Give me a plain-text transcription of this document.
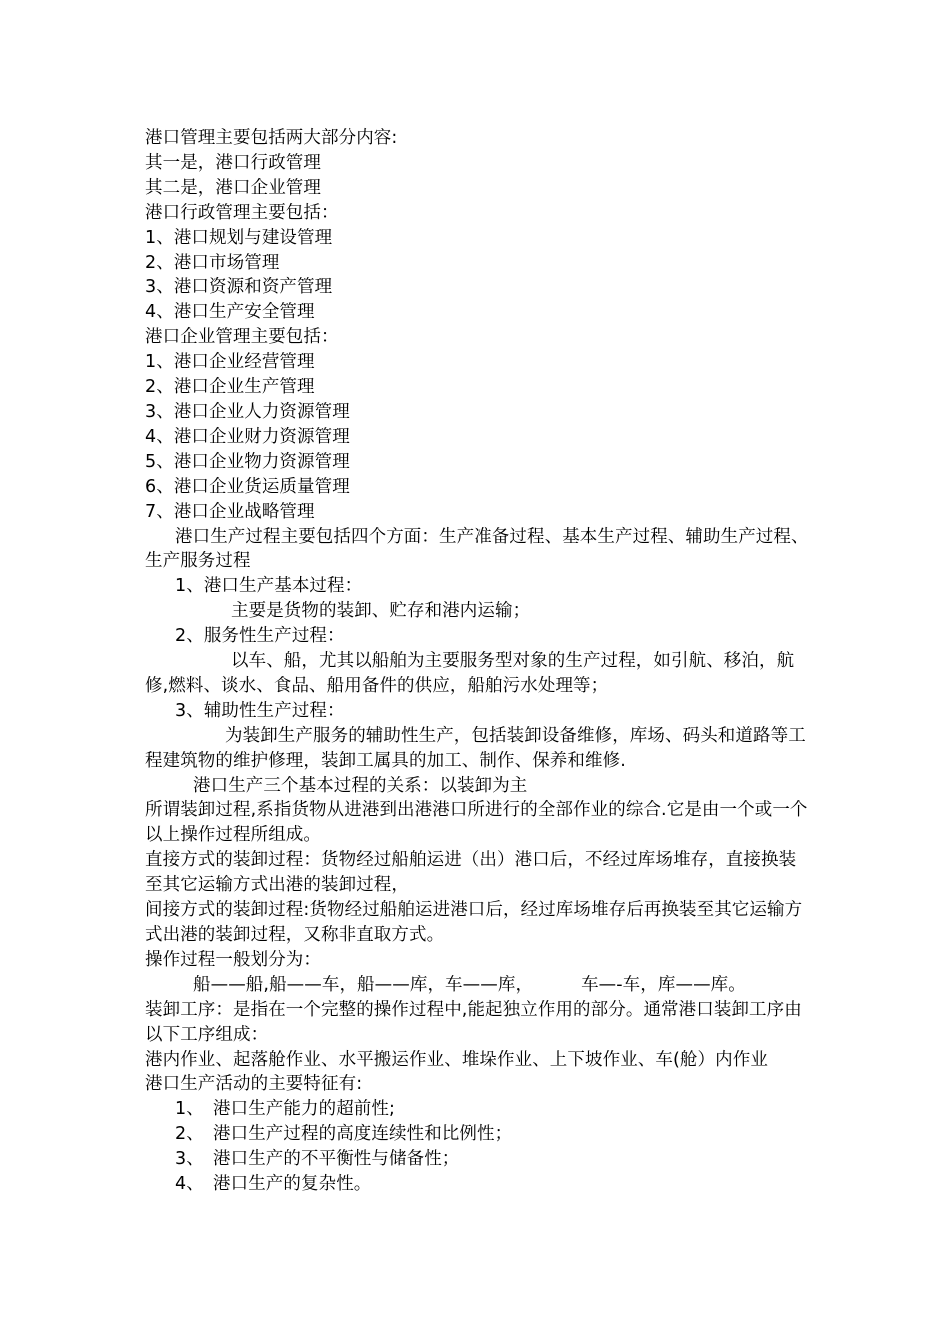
港口管理主要包括两大部分内容:

其一是，港口行政管理

其二是，港口企业管理

港口行政管理主要包括：

1、港口规划与建设管理

2、港口市场管理

3、港口资源和资产管理

4、港口生产安全管理

港口企业管理主要包括：

1、港口企业经营管理

2、港口企业生产管理

3、港口企业人力资源管理

4、港口企业财力资源管理

5、港口企业物力资源管理

6、港口企业货运质量管理

7、港口企业战略管理

港口生产过程主要包括四个方面：生产准备过程、基本生产过程、辅助生产过程、生产服务过程

1、港口生产基本过程：

主要是货物的装卸、贮存和港内运输；

2、服务性生产过程：

以车、船，尤其以船舶为主要服务型对象的生产过程，如引航、移泊，航修,燃料、谈水、食品、船用备件的供应，船舶污水处理等；

3、辅助性生产过程：

为装卸生产服务的辅助性生产，包括装卸设备维修，库场、码头和道路等工程建筑物的维护修理，装卸工属具的加工、制作、保养和维修.

港口生产三个基本过程的关系：以装卸为主

所谓装卸过程,系指货物从进港到出港港口所进行的全部作业的综合.它是由一个或一个以上操作过程所组成。

直接方式的装卸过程：货物经过船舶运进（出）港口后，不经过库场堆存，直接换装至其它运输方式出港的装卸过程，

间接方式的装卸过程:货物经过船舶运进港口后，经过库场堆存后再换装至其它运输方式出港的装卸过程，又称非直取方式。

操作过程一般划分为：

船——船,船——车，船——库，车——库，	车—-车，库——库。

装卸工序：是指在一个完整的操作过程中,能起独立作用的部分。通常港口装卸工序由以下工序组成：

港内作业、起落舱作业、水平搬运作业、堆垛作业、上下坡作业、车(舱）内作业

港口生产活动的主要特征有:

1、 港口生产能力的超前性;

2、 港口生产过程的高度连续性和比例性；

3、 港口生产的不平衡性与储备性；

4、 港口生产的复杂性。
